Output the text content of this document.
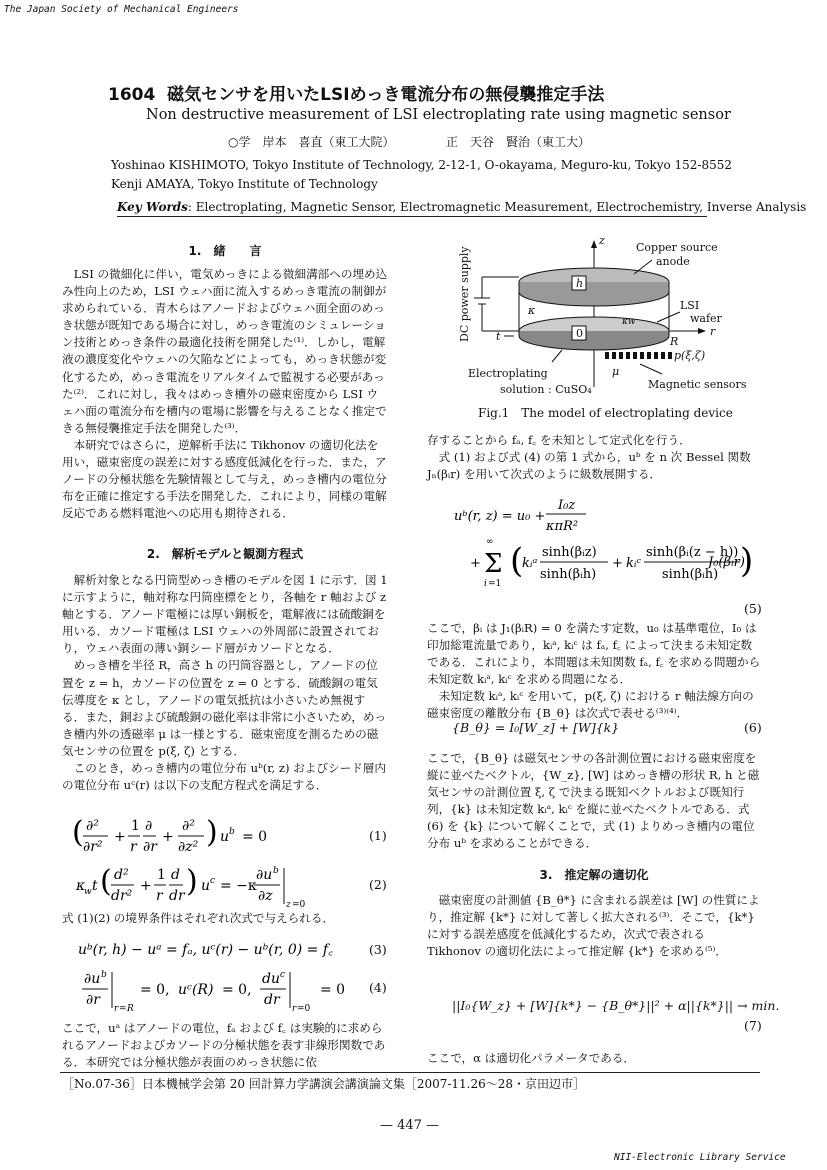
The Japan Society of Mechanical Engineers
1604 磁気センサを用いたLSIめっき電流分布の無侵襲推定手法
Non destructive measurement of LSI electroplating rate using magnetic sensor
○学　岸本　喜直（東工大院）	正　天谷　賢治（東工大）
Yoshinao KISHIMOTO, Tokyo Institute of Technology, 2-12-1, O-okayama, Meguro-ku, Tokyo 152-8552
Kenji AMAYA, Tokyo Institute of Technology
Key Words: Electroplating, Magnetic Sensor, Electromagnetic Measurement, Electrochemistry, Inverse Analysis
1.　緒　　言

LSI の微細化に伴い，電気めっきによる微細溝部への埋め込み性向上のため，LSI ウェハ面に流入するめっき電流の制御が求められている．青木らはアノードおよびウェハ面全面のめっき状態が既知である場合に対し，めっき電流のシミュレーション技術とめっき条件の最適化技術を開発した⁽¹⁾．しかし，電解液の濃度変化やウェハの欠陥などによっても，めっき状態が変化するため，めっき電流をリアルタイムで監視する必要があった⁽²⁾．これに対し，我々はめっき槽外の磁束密度から LSI ウェハ面の電流分布を槽内の電場に影響を与えることなく推定できる無侵襲推定手法を開発した⁽³⁾．

本研究ではさらに，逆解析手法に Tikhonov の適切化法を用い，磁束密度の誤差に対する感度低減化を行った．また，アノードの分極状態を先験情報として与え，めっき槽内の電位分布を正確に推定する手法を開発した．これにより，同様の電解反応である燃料電池への応用も期待される．

2.　解析モデルと観測方程式

解析対象となる円筒型めっき槽のモデルを図 1 に示す．図 1 に示すように，軸対称な円筒座標をとり，各軸を r 軸および z 軸とする．アノード電極には厚い銅板を，電解液には硫酸銅を用いる．カソード電極は LSI ウェハの外周部に設置されており，ウェハ表面の薄い銅シード層がカソードとなる．

めっき槽を半径 R，高さ h の円筒容器とし，アノードの位置を z = h，カソードの位置を z = 0 とする．硫酸銅の電気伝導度を κ とし，アノードの電気抵抗は小さいため無視する．また，銅および硫酸銅の磁化率は非常に小さいため，めっき槽内外の透磁率 μ は一様とする．磁束密度を測るための磁気センサの位置を p(ξ, ζ) とする．

このとき，めっき槽内の電位分布 uᵇ(r, z) およびシード層内の電位分布 uᶜ(r) は以下の支配方程式を満足する．

( ∂²
∂r²
+
1
r
∂
∂r
+
∂²
∂z² ) u b = 0	(1)
κ
w t ( d²
dr²
+
1
r
d
dr ) u c = −κ
∂u b
∂z
z =0
(2)

式 (1)(2) の境界条件はそれぞれ次式で与えられる．

uᵇ(r, h) − uᵃ = fₐ, uᶜ(r) − uᵇ(r, 0) = f꜀	(3)
∂u b
∂r
r = R
= 0, uᶜ(R) = 0,
du c
dr
r =0
= 0 (4)

ここで，uᵃ はアノードの電位，fₐ および f꜀ は実験的に求められるアノードおよびカソードの分極状態を表す非線形関数である．本研究では分極状態が表面のめっき状態に依

z
r
Copper source
anode
LSI
wafer
h
0
t
κ
κw
R
p(ξ,ζ)
μ
Electroplating
solution : CuSO₄	Magnetic sensors
DC power supply
Fig.1　The model of electroplating device

存することから fₐ, f꜀ を未知として定式化を行う．

式 (1) および式 (4) の第 1 式から，uᵇ を n 次 Bessel 関数 Jₙ(βᵢr) を用いて次式のように級数展開する．

uᵇ(r, z) = u₀ +
I₀z
κπR²
+ Σ
∞
i =1
(
kᵢᵃ
sinh(βᵢz)
sinh(βᵢh)
+ kᵢᶜ
sinh(βᵢ(z − h))
sinh(βᵢh) )
J₀(βᵢr)
(5)

ここで，βᵢ は J₁(βᵢR) = 0 を満たす定数，u₀ は基準電位，I₀ は印加総電流量であり，kᵢᵃ, kᵢᶜ は fₐ, f꜀ によって決まる未知定数である．これにより，本問題は未知関数 fₐ, f꜀ を求める問題から未知定数 kᵢᵃ, kᵢᶜ を求める問題になる．

未知定数 kᵢᵃ, kᵢᶜ を用いて，p(ξ, ζ) における r 軸法線方向の磁束密度の離散分布 {B_θ} は次式で表せる⁽³⁾⁽⁴⁾．

{B_θ} = I₀[W_z] + [W]{k}	(6)

ここで，{B_θ} は磁気センサの各計測位置における磁束密度を縦に並べたベクトル，{W_z}, [W] はめっき槽の形状 R, h と磁気センサの計測位置 ξ, ζ で決まる既知ベクトルおよび既知行列，{k} は未知定数 kᵢᵃ, kᵢᶜ を縦に並べたベクトルである．式 (6) を {k} について解くことで，式 (1) よりめっき槽内の電位分布 uᵇ を求めることができる．

3.　推定解の適切化

磁束密度の計測値 {B_θ*} に含まれる誤差は [W] の性質により，推定解 {k*} に対して著しく拡大される⁽³⁾．そこで，{k*} に対する誤差感度を低減化するため，次式で表される Tikhonov の適切化法によって推定解 {k*} を求める⁽⁵⁾．

||I₀{W_z} + [W]{k*} − {B_θ*}||² + α||{k*}|| → min.
(7)

ここで，α は適切化パラメータである．

［No.07-36］日本機械学会第 20 回計算力学講演会講演論文集［2007-11.26〜28・京田辺市］
— 447 —
NII-Electronic Library Service
